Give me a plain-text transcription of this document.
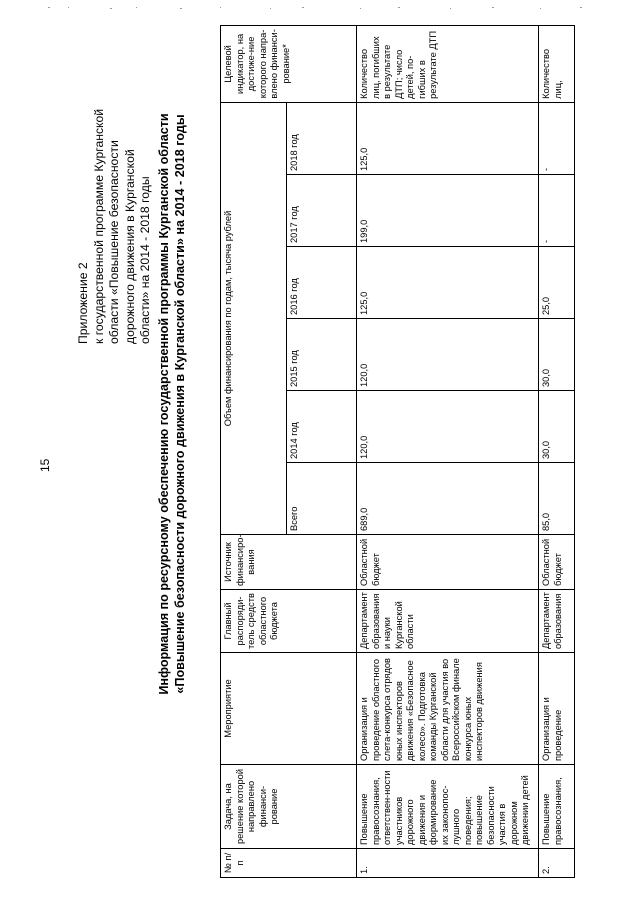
15
Приложение 2 к государственной программе Курганской области «Повышение безопасности дорожного движения в Курганской области» на 2014 - 2018 годы Информация по ресурсному обеспечению государственной программы Курганской области «Повышение безопасности дорожного движения в Курганской области» на 2014 - 2018 годы
№ п/п	Задача, на решение которой направлено финанси-рование	Мероприятие	Главный распоряди-тель средств областного бюджета	Источник финансиро-вания	Объем финансирования по годам, тысяча рублей						Целевой индикатор, на достиже-ние которого напра-влено финанси-рование*
					Всего	2014 год	2015 год	2016 год	2017 год	2018 год	
1.	Повышение правосознания, ответствен-ности участников дорожного движения и формирование их законопос-лушного поведения; повышение безопасности участия в дорожном движении детей	Организация и проведение областного слета-конкурса отрядов юных инспекторов движения «Безопасное колесо». Подготовка команды Курганской области для участия во Всероссийском финале конкурса юных инспекторов движения	Департамент образования и науки Курганской области	Областной бюджет	689,0	120,0	120,0	125,0	199,0	125,0	Количество лиц, погибших в результате ДТП; число детей, по-гибших в результате ДТП
2.	Повышение правосознания,	Организация и проведение	Департамент образования	Областной бюджет	85,0	30,0	30,0	25,0	-	-	Количество лиц,
